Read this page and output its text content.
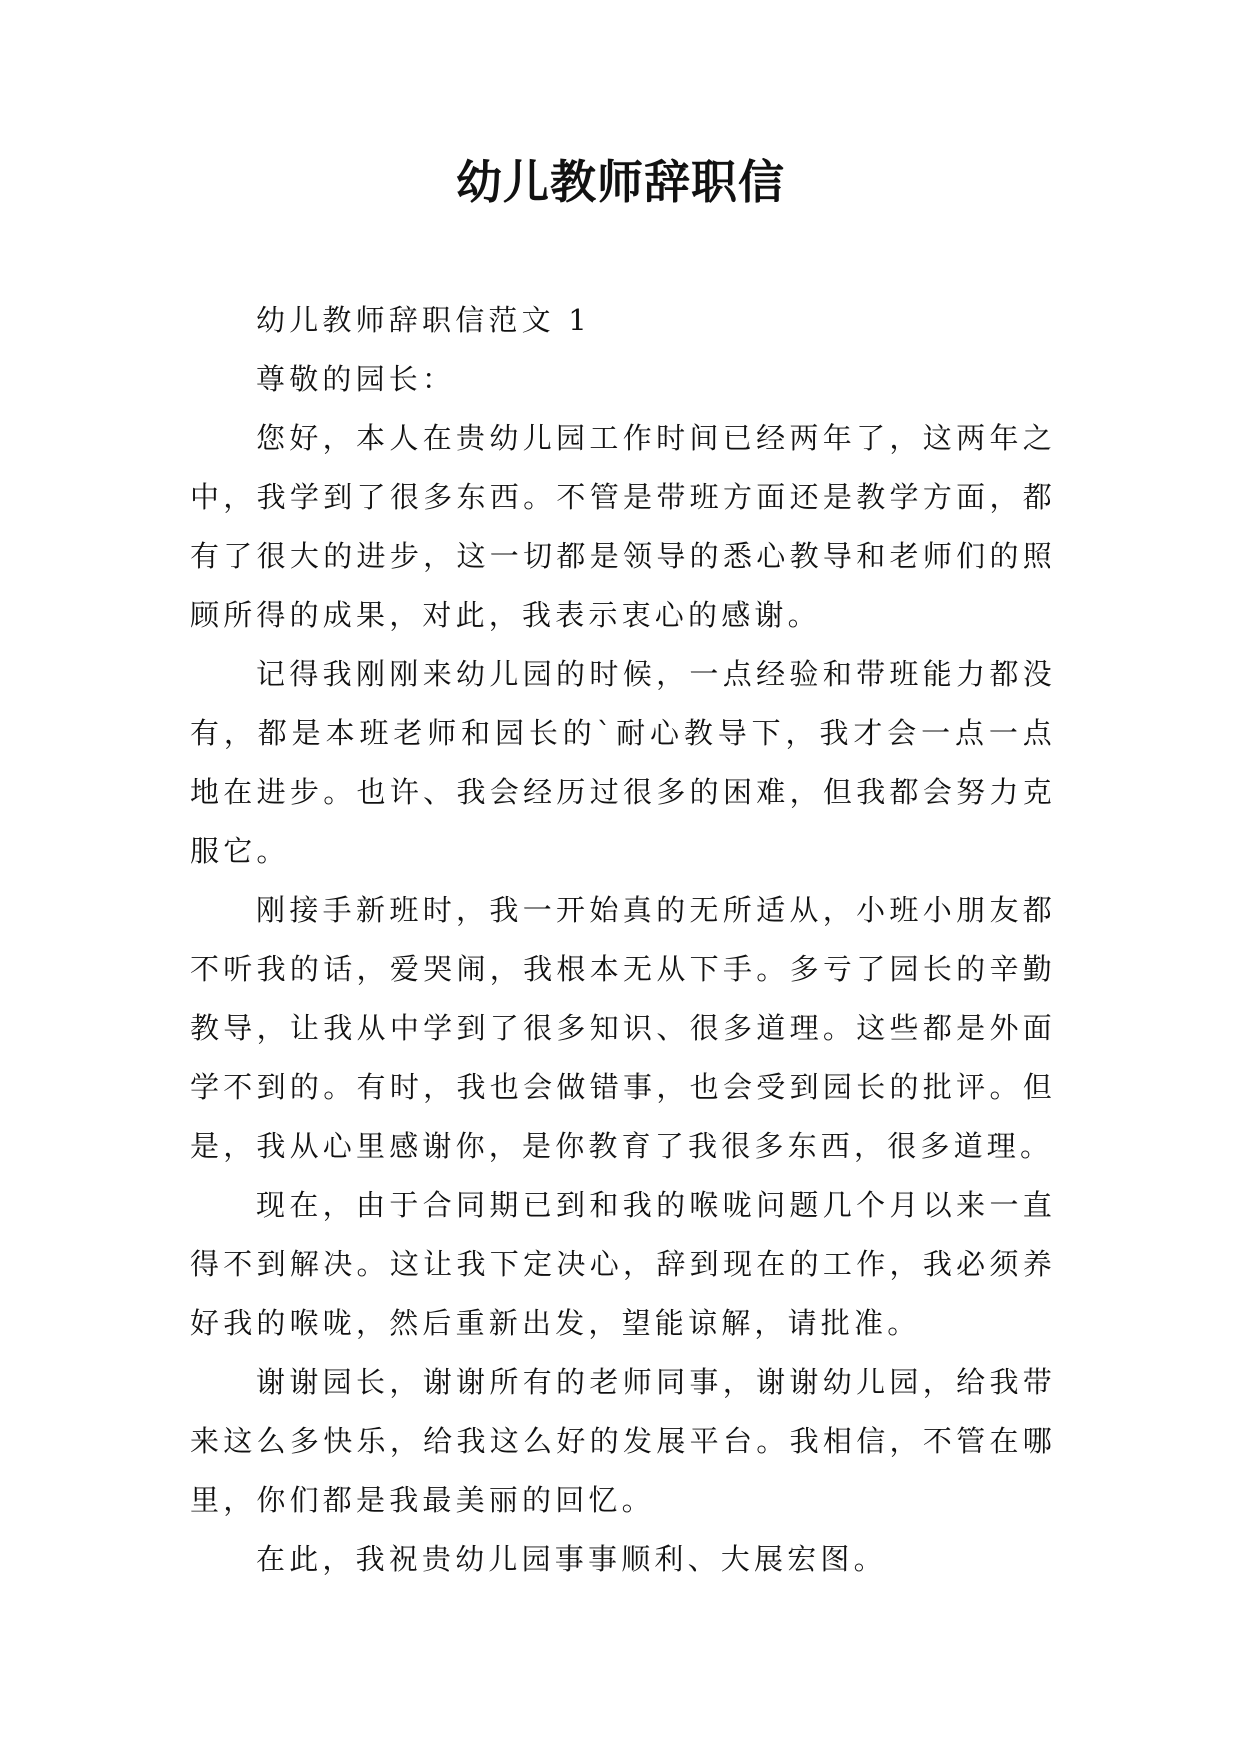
幼儿教师辞职信

幼儿教师辞职信范文 1

尊敬的园长：

您好，本人在贵幼儿园工作时间已经两年了，这两年之中，我学到了很多东西。不管是带班方面还是教学方面，都有了很大的进步，这一切都是领导的悉心教导和老师们的照顾所得的成果，对此，我表示衷心的感谢。

记得我刚刚来幼儿园的时候，一点经验和带班能力都没有，都是本班老师和园长的`耐心教导下，我才会一点一点地在进步。也许、我会经历过很多的困难，但我都会努力克服它。

刚接手新班时，我一开始真的无所适从，小班小朋友都不听我的话，爱哭闹，我根本无从下手。多亏了园长的辛勤教导，让我从中学到了很多知识、很多道理。这些都是外面学不到的。有时，我也会做错事，也会受到园长的批评。但是，我从心里感谢你，是你教育了我很多东西，很多道理。

现在，由于合同期已到和我的喉咙问题几个月以来一直得不到解决。这让我下定决心，辞到现在的工作，我必须养好我的喉咙，然后重新出发，望能谅解，请批准。

谢谢园长，谢谢所有的老师同事，谢谢幼儿园，给我带来这么多快乐，给我这么好的发展平台。我相信，不管在哪里，你们都是我最美丽的回忆。

在此，我祝贵幼儿园事事顺利、大展宏图。
